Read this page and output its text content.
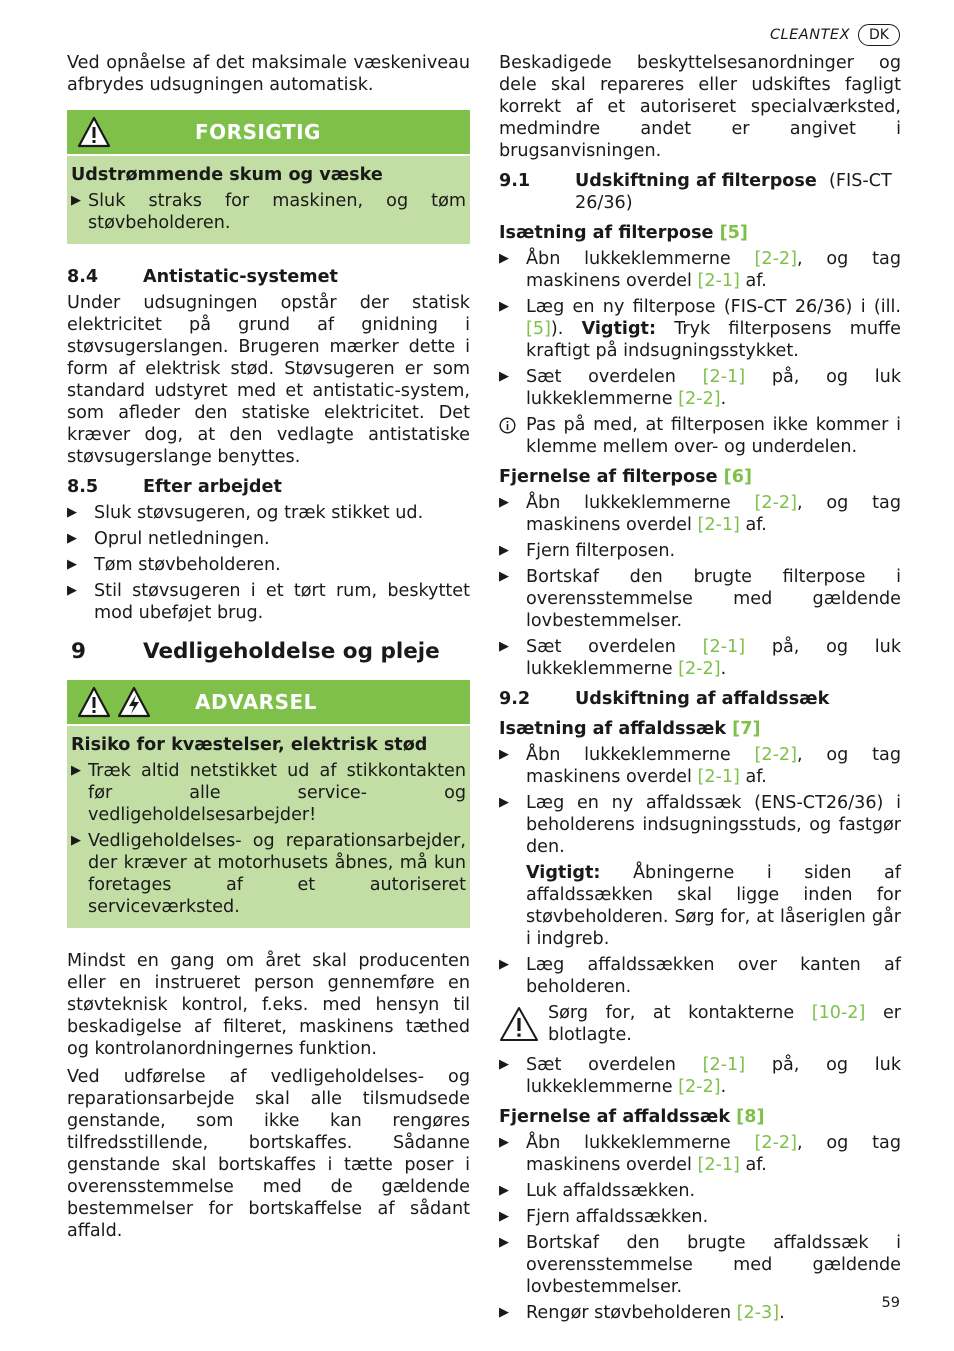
CLEANTEX	DK

Ved opnåelse af det maksimale væskeniveau afbrydes udsugningen automatisk.

FORSIGTIG
Udstrømmende skum og væske
▶ Sluk straks for maskinen, og tøm støvbeholderen.
8.4	Antistatic-systemet

Under udsugningen opstår der statisk elektricitet på grund af gnidning i støvsugerslangen. Brugeren mærker dette i form af elektrisk stød. Støvsugeren er som standard udstyret med et antistatic-system, som afleder den statiske elektricitet. Det kræver dog, at den vedlagte antistatiske støvsugerslange benyttes.

8.5	Efter arbejdet
▶ Sluk støvsugeren, og træk stikket ud.
▶ Oprul netledningen.
▶ Tøm støvbeholderen.
▶ Stil støvsugeren i et tørt rum, beskyttet mod ubeføjet brug.
9	Vedligeholdelse og pleje
ADVARSEL
Risiko for kvæstelser, elektrisk stød
▶ Træk altid netstikket ud af stikkontakten før alle service- og vedligeholdelsesarbejder!
▶ Vedligeholdelses- og reparationsarbejder, der kræver at motorhusets åbnes, må kun foretages af et autoriseret serviceværksted.

Mindst en gang om året skal producenten eller en instrueret person gennemføre en støvteknisk kontrol, f.eks. med hensyn til beskadigelse af filteret, maskinens tæthed og kontrolanordningernes funktion.

Ved udførelse af vedligeholdelses- og reparationsarbejde skal alle tilsmudsede genstande, som ikke kan rengøres tilfredsstillende, bortskaffes. Sådanne genstande skal bortskaffes i tætte poser i overensstemmelse med de gældende bestemmelser for bortskaffelse af sådant affald.

Beskadigede beskyttelsesanordninger og dele skal repareres eller udskiftes fagligt korrekt af et autoriseret specialværksted, medmindre andet er angivet i brugsanvisningen.

9.1	Udskiftning af filterpose (FIS-CT 26/36)
Isætning af filterpose [5]
▶ Åbn lukkeklemmerne [2-2], og tag maskinens overdel [2-1] af.
▶ Læg en ny filterpose (FIS-CT 26/36) i (ill. [5]). Vigtigt: Tryk filterposens muffe kraftigt på indsugningsstykket.
▶ Sæt overdelen [2-1] på, og luk lukkeklemmerne [2-2].
Pas på med, at filterposen ikke kommer i klemme mellem over- og underdelen.
Fjernelse af filterpose [6]
▶ Åbn lukkeklemmerne [2-2], og tag maskinens overdel [2-1] af.
▶ Fjern filterposen.
▶ Bortskaf den brugte filterpose i overensstemmelse med gældende lovbestemmelser.
▶ Sæt overdelen [2-1] på, og luk lukkeklemmerne [2-2].
9.2	Udskiftning af affaldssæk
Isætning af affaldssæk [7]
▶ Åbn lukkeklemmerne [2-2], og tag maskinens overdel [2-1] af.
▶ Læg en ny affaldssæk (ENS-CT26/36) i beholderens indsugningsstuds, og fastgør den.

Vigtigt: Åbningerne i siden af affaldssækken skal ligge inden for støvbeholderen. Sørg for, at låseriglen går i indgreb.

▶ Læg affaldssækken over kanten af beholderen.
Sørg for, at kontakterne [10-2] er blotlagte.
▶ Sæt overdelen [2-1] på, og luk lukkeklemmerne [2-2].
Fjernelse af affaldssæk [8]
▶ Åbn lukkeklemmerne [2-2], og tag maskinens overdel [2-1] af.
▶ Luk affaldssækken.
▶ Fjern affaldssækken.
▶ Bortskaf den brugte affaldssæk i overensstemmelse med gældende lovbestemmelser.
▶ Rengør støvbeholderen [2-3].	59
